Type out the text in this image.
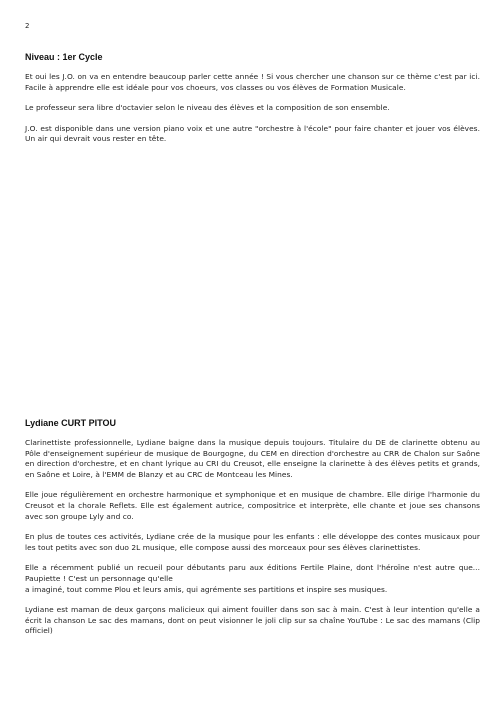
2
Niveau : 1er Cycle

Et oui les J.O. on va en entendre beaucoup parler cette année ! Si vous chercher une chanson sur ce thème c'est par ici. Facile à apprendre elle est idéale pour vos choeurs, vos classes ou vos élèves de Formation Musicale.

Le professeur sera libre d'octavier selon le niveau des élèves et la composition de son ensemble.

J.O. est disponible dans une version piano voix et une autre "orchestre à l'école" pour faire chanter et jouer vos élèves. Un air qui devrait vous rester en tête.

Lydiane CURT PITOU

Clarinettiste professionnelle, Lydiane baigne dans la musique depuis toujours. Titulaire du DE de clarinette obtenu au Pôle d'enseignement supérieur de musique de Bourgogne, du CEM en direction d'orchestre au CRR de Chalon sur Saône en direction d'orchestre, et en chant lyrique au CRI du Creusot, elle enseigne la clarinette à des élèves petits et grands, en Saône et Loire, à l'EMM de Blanzy et au CRC de Montceau les Mines.

Elle joue régulièrement en orchestre harmonique et symphonique et en musique de chambre. Elle dirige l'harmonie du Creusot et la chorale Reflets. Elle est également autrice, compositrice et interprète, elle chante et joue ses chansons avec son groupe Lyly and co.

En plus de toutes ces activités, Lydiane crée de la musique pour les enfants : elle développe des contes musicaux pour les tout petits avec son duo 2L musique, elle compose aussi des morceaux pour ses élèves clarinettistes.

Elle a récemment publié un recueil pour débutants paru aux éditions Fertile Plaine, dont l'héroïne n'est autre que... Paupiette ! C'est un personnage qu'elle
a imaginé, tout comme Plou et leurs amis, qui agrémente ses partitions et inspire ses musiques.

Lydiane est maman de deux garçons malicieux qui aiment fouiller dans son sac à main. C'est à leur intention qu'elle a écrit la chanson Le sac des mamans, dont on peut visionner le joli clip sur sa chaîne YouTube : Le sac des mamans (Clip officiel)
